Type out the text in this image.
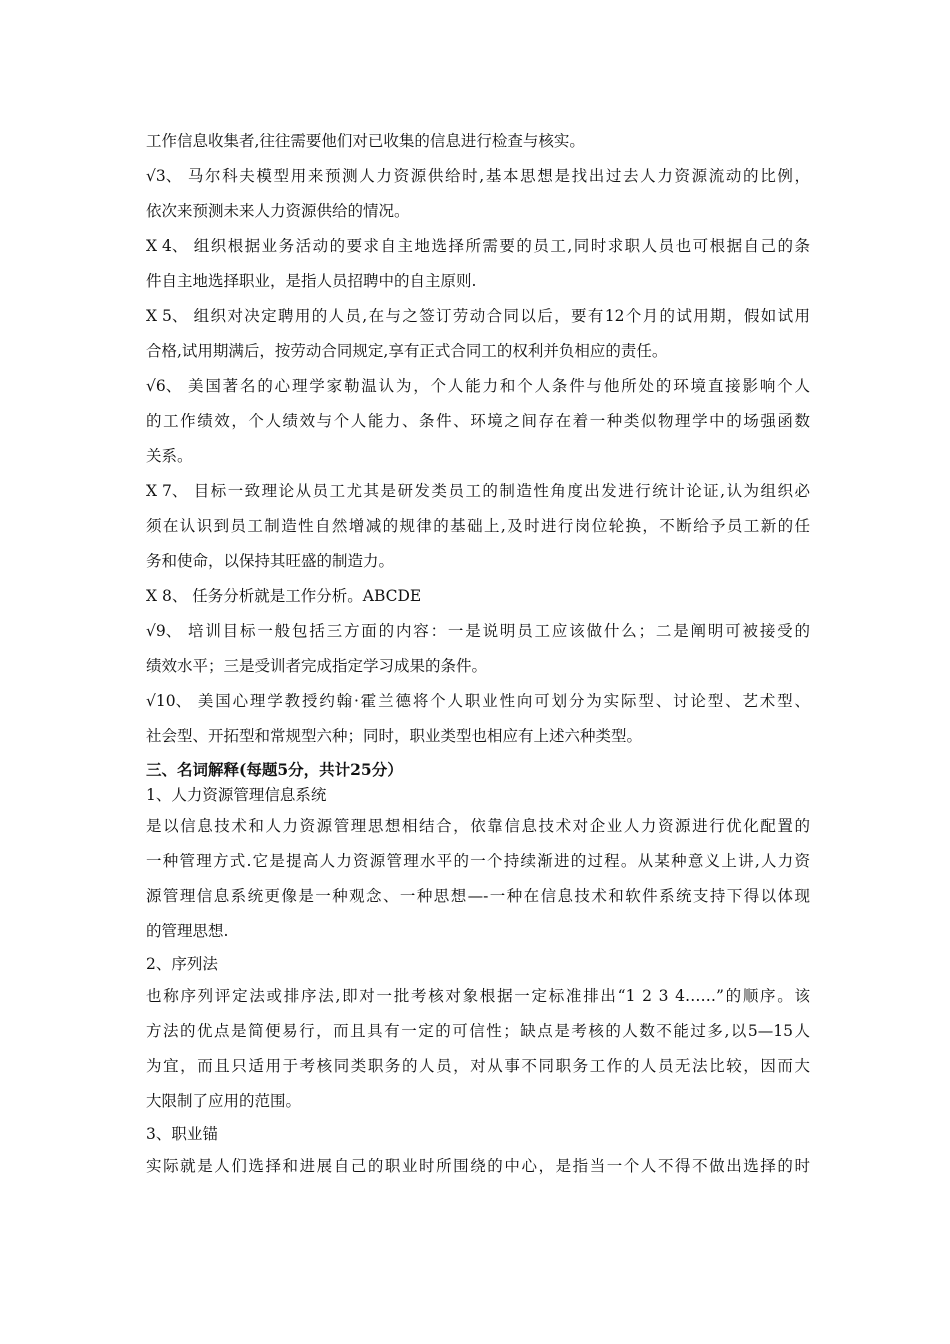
工作信息收集者,往往需要他们对已收集的信息进行检查与核实。
√3、 马尔科夫模型用来预测人力资源供给时,基本思想是找出过去人力资源流动的比例，
依次来预测未来人力资源供给的情况。
X 4、 组织根据业务活动的要求自主地选择所需要的员工,同时求职人员也可根据自己的条
件自主地选择职业，是指人员招聘中的自主原则.
X 5、 组织对决定聘用的人员,在与之签订劳动合同以后，要有12个月的试用期，假如试用
合格,试用期满后，按劳动合同规定,享有正式合同工的权利并负相应的责任。
√6、 美国著名的心理学家勒温认为，个人能力和个人条件与他所处的环境直接影响个人
的工作绩效，个人绩效与个人能力、条件、环境之间存在着一种类似物理学中的场强函数
关系。
X 7、 目标一致理论从员工尤其是研发类员工的制造性角度出发进行统计论证,认为组织必
须在认识到员工制造性自然增减的规律的基础上,及时进行岗位轮换，不断给予员工新的任
务和使命，以保持其旺盛的制造力。
X 8、 任务分析就是工作分析。ABCDE
√9、 培训目标一般包括三方面的内容：一是说明员工应该做什么；二是阐明可被接受的
绩效水平；三是受训者完成指定学习成果的条件。
√10、 美国心理学教授约翰·霍兰德将个人职业性向可划分为实际型、讨论型、艺术型、
社会型、开拓型和常规型六种；同时，职业类型也相应有上述六种类型。
三、名词解释(每题5分，共计25分）
1、人力资源管理信息系统
是以信息技术和人力资源管理思想相结合，依靠信息技术对企业人力资源进行优化配置的
一种管理方式.它是提高人力资源管理水平的一个持续渐进的过程。从某种意义上讲,人力资
源管理信息系统更像是一种观念、一种思想—-一种在信息技术和软件系统支持下得以体现
的管理思想.
2、序列法
也称序列评定法或排序法,即对一批考核对象根据一定标准排出“1 2 3 4……”的顺序。该
方法的优点是简便易行，而且具有一定的可信性；缺点是考核的人数不能过多,以5—15人
为宜，而且只适用于考核同类职务的人员，对从事不同职务工作的人员无法比较，因而大
大限制了应用的范围。
3、职业锚
实际就是人们选择和进展自己的职业时所围绕的中心，是指当一个人不得不做出选择的时
